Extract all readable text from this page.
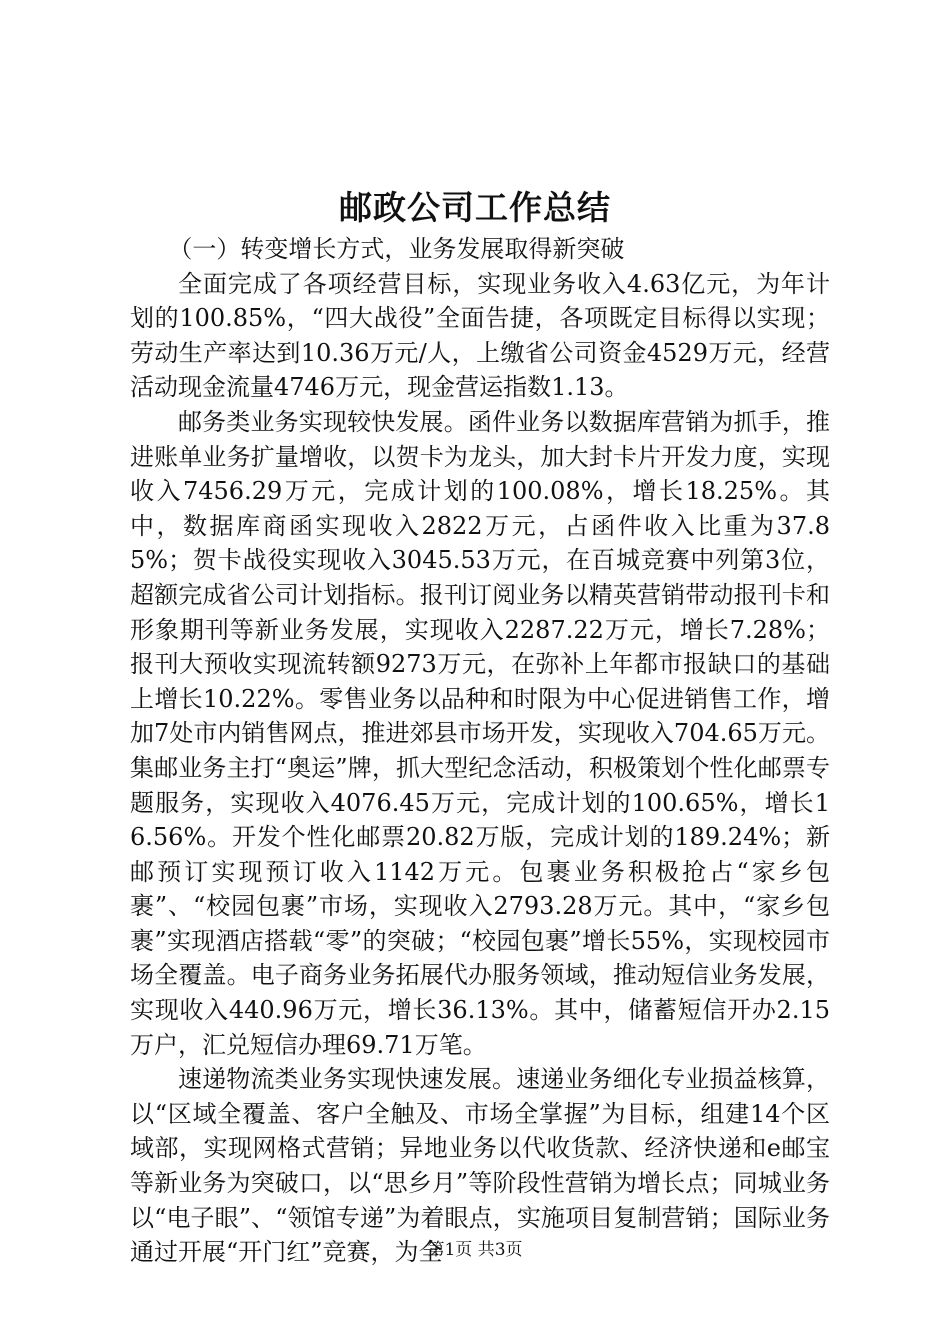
邮政公司工作总结

（一）转变增长方式，业务发展取得新突破

全面完成了各项经营目标，实现业务收入4.63亿元，为年计划的100.85%，“四大战役”全面告捷，各项既定目标得以实现；劳动生产率达到10.36万元/人，上缴省公司资金4529万元，经营活动现金流量4746万元，现金营运指数1.13。

邮务类业务实现较快发展。函件业务以数据库营销为抓手，推进账单业务扩量增收，以贺卡为龙头，加大封卡片开发力度，实现收入7456.29万元，完成计划的100.08%，增长18.25%。其中，数据库商函实现收入2822万元，占函件收入比重为37.85%；贺卡战役实现收入3045.53万元，在百城竞赛中列第3位，超额完成省公司计划指标。报刊订阅业务以精英营销带动报刊卡和形象期刊等新业务发展，实现收入2287.22万元，增长7.28%；报刊大预收实现流转额9273万元，在弥补上年都市报缺口的基础上增长10.22%。零售业务以品种和时限为中心促进销售工作，增加7处市内销售网点，推进郊县市场开发，实现收入704.65万元。集邮业务主打“奥运”牌，抓大型纪念活动，积极策划个性化邮票专题服务，实现收入4076.45万元，完成计划的100.65%，增长16.56%。开发个性化邮票20.82万版，完成计划的189.24%；新邮预订实现预订收入1142万元。包裹业务积极抢占“家乡包裹”、“校园包裹”市场，实现收入2793.28万元。其中，“家乡包裹”实现酒店搭载“零”的突破；“校园包裹”增长55%，实现校园市场全覆盖。电子商务业务拓展代办服务领域，推动短信业务发展，实现收入440.96万元，增长36.13%。其中，储蓄短信开办2.15万户，汇兑短信办理69.71万笔。

速递物流类业务实现快速发展。速递业务细化专业损益核算，以“区域全覆盖、客户全触及、市场全掌握”为目标，组建14个区域部，实现网格式营销；异地业务以代收货款、经济快递和e邮宝等新业务为突破口，以“思乡月”等阶段性营销为增长点；同城业务以“电子眼”、“领馆专递”为着眼点，实施项目复制营销；国际业务通过开展“开门红”竞赛，为全

第1页 共3页
